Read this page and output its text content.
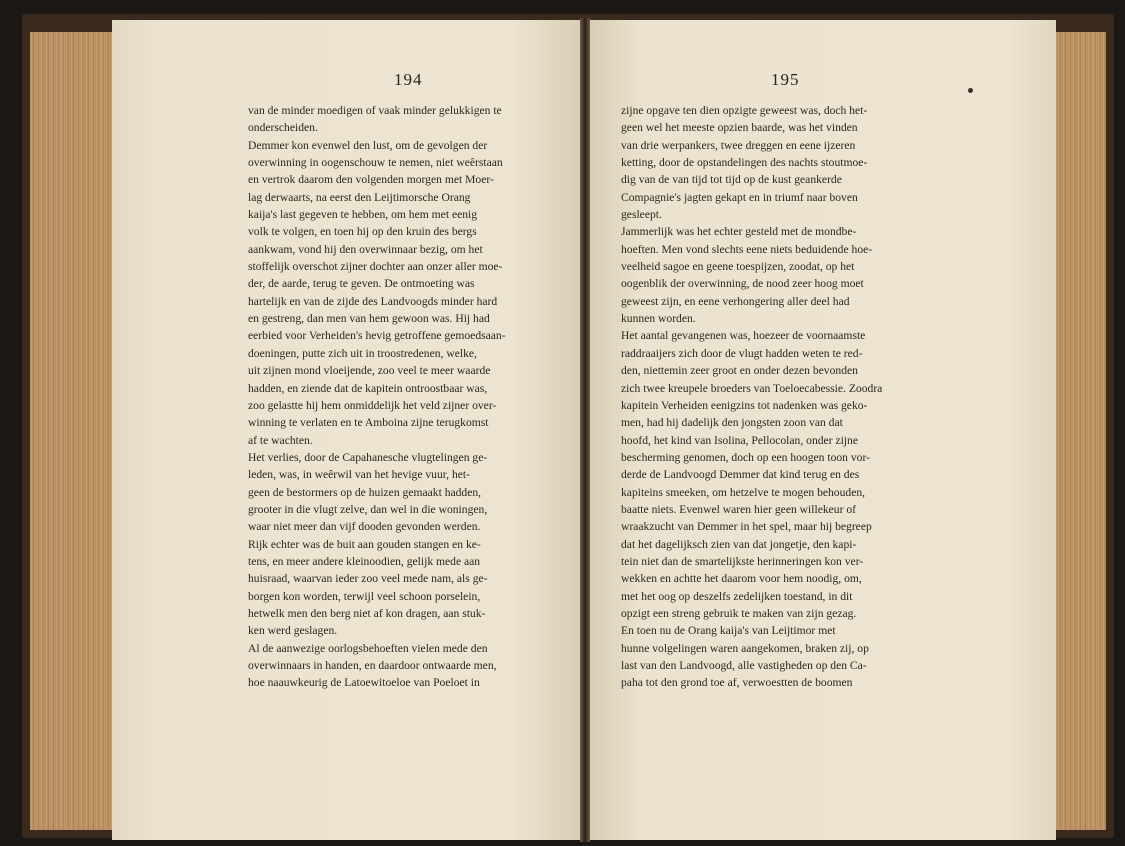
194	195
van de minder moedigen of vaak minder gelukkigen te
onderscheiden.
Demmer kon evenwel den lust, om de gevolgen der
overwinning in oogenschouw te nemen, niet weêrstaan
en vertrok daarom den volgenden morgen met Moer-
lag derwaarts, na eerst den Leijtimorsche Orang
kaija's last gegeven te hebben, om hem met eenig
volk te volgen, en toen hij op den kruin des bergs
aankwam, vond hij den overwinnaar bezig, om het
stoffelijk overschot zijner dochter aan onzer aller moe-
der, de aarde, terug te geven. De ontmoeting was
hartelijk en van de zijde des Landvoogds minder hard
en gestreng, dan men van hem gewoon was. Hij had
eerbied voor Verheiden's hevig getroffene gemoedsaan-
doeningen, putte zich uit in troostredenen, welke,
uit zijnen mond vloeijende, zoo veel te meer waarde
hadden, en ziende dat de kapitein ontroostbaar was,
zoo gelastte hij hem onmiddelijk het veld zijner over-
winning te verlaten en te Amboina zijne terugkomst
af te wachten.
Het verlies, door de Capahanesche vlugtelingen ge-
leden, was, in weêrwil van het hevige vuur, het-
geen de bestormers op de huizen gemaakt hadden,
grooter in die vlugt zelve, dan wel in die woningen,
waar niet meer dan vijf dooden gevonden werden.
Rijk echter was de buit aan gouden stangen en ke-
tens, en meer andere kleinoodien, gelijk mede aan
huisraad, waarvan ieder zoo veel mede nam, als ge-
borgen kon worden, terwijl veel schoon porselein,
hetwelk men den berg niet af kon dragen, aan stuk-
ken werd geslagen.
Al de aanwezige oorlogsbehoeften vielen mede den
overwinnaars in handen, en daardoor ontwaarde men,
hoe naauwkeurig de Latoewitoeloe van Poeloet in
zijne opgave ten dien opzigte geweest was, doch het-
geen wel het meeste opzien baarde, was het vinden
van drie werpankers, twee dreggen en eene ijzeren
ketting, door de opstandelingen des nachts stoutmoe-
dig van de van tijd tot tijd op de kust geankerde
Compagnie's jagten gekapt en in triumf naar boven
gesleept.
Jammerlijk was het echter gesteld met de mondbe-
hoeften. Men vond slechts eene niets beduidende hoe-
veelheid sagoe en geene toespijzen, zoodat, op het
oogenblik der overwinning, de nood zeer hoog moet
geweest zijn, en eene verhongering aller deel had
kunnen worden.
Het aantal gevangenen was, hoezeer de voornaamste
raddraaijers zich door de vlugt hadden weten te red-
den, niettemin zeer groot en onder dezen bevonden
zich twee kreupele broeders van Toeloecabessie. Zoodra
kapitein Verheiden eenigzins tot nadenken was geko-
men, had hij dadelijk den jongsten zoon van dat
hoofd, het kind van Isolina, Pellocolan, onder zijne
bescherming genomen, doch op een hoogen toon vor-
derde de Landvoogd Demmer dat kind terug en des
kapiteins smeeken, om hetzelve te mogen behouden,
baatte niets. Evenwel waren hier geen willekeur of
wraakzucht van Demmer in het spel, maar hij begreep
dat het dagelijksch zien van dat jongetje, den kapi-
tein niet dan de smartelijkste herinneringen kon ver-
wekken en achtte het daarom voor hem noodig, om,
met het oog op deszelfs zedelijken toestand, in dit
opzigt een streng gebruik te maken van zijn gezag.
En toen nu de Orang kaija's van Leijtimor met
hunne volgelingen waren aangekomen, braken zij, op
last van den Landvoogd, alle vastigheden op den Ca-
paha tot den grond toe af, verwoestten de boomen
